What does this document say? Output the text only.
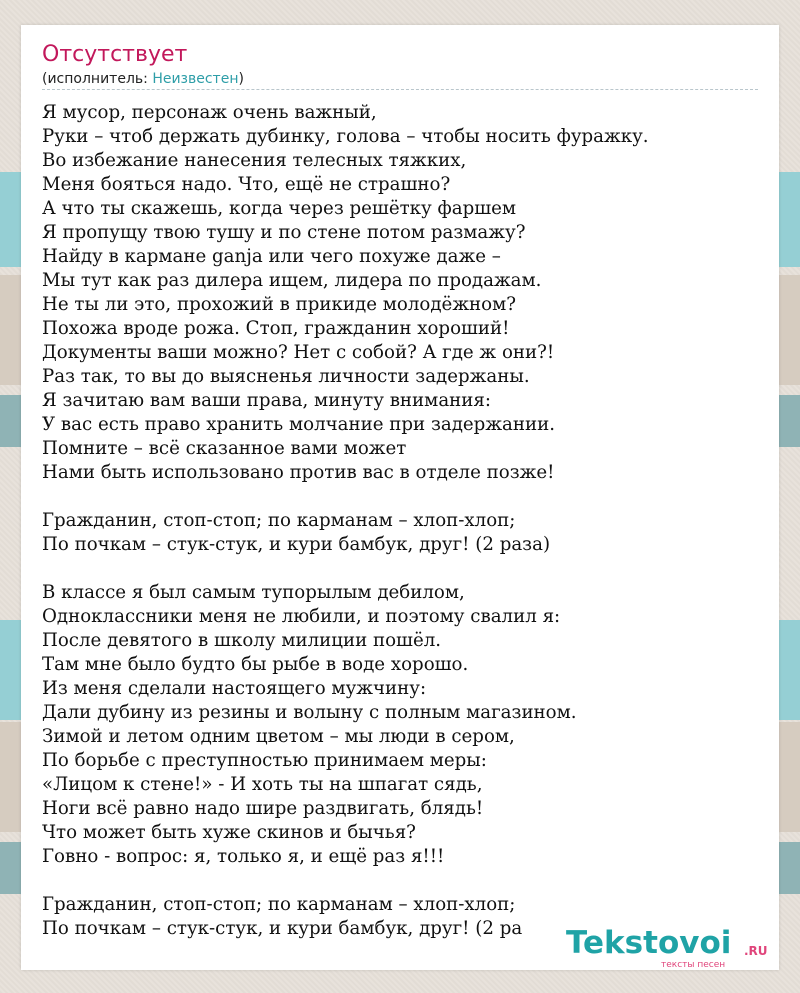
Отсутствует
(исполнитель: Неизвестен)
Я мусор, персонаж очень важный,
Руки – чтоб держать дубинку, голова – чтобы носить фуражку.
Во избежание нанесения телесных тяжких,
Меня бояться надо. Что, ещё не страшно?
А что ты скажешь, когда через решётку фаршем
Я пропущу твою тушу и по стене потом размажу?
Найду в кармане ganja или чего похуже даже –
Мы тут как раз дилера ищем, лидера по продажам.
Не ты ли это, прохожий в прикиде молодёжном?
Похожа вроде рожа. Стоп, гражданин хороший!
Документы ваши можно? Нет с собой? А где ж они?!
Раз так, то вы до выясненья личности задержаны.
Я зачитаю вам ваши права, минуту внимания:
У вас есть право хранить молчание при задержании.
Помните – всё сказанное вами может
Нами быть использовано против вас в отделе позже!
Гражданин, стоп-стоп; по карманам – хлоп-хлоп;
По почкам – стук-стук, и кури бамбук, друг! (2 раза)
В классе я был самым тупорылым дебилом,
Одноклассники меня не любили, и поэтому свалил я:
После девятого в школу милиции пошёл.
Там мне было будто бы рыбе в воде хорошо.
Из меня сделали настоящего мужчину:
Дали дубину из резины и волыну с полным магазином.
Зимой и летом одним цветом – мы люди в сером,
По борьбе с преступностью принимаем меры:
«Лицом к стене!» - И хоть ты на шпагат сядь,
Ноги всё равно надо шире раздвигать, блядь!
Что может быть хуже скинов и бычья?
Говно - вопрос: я, только я, и ещё раз я!!!
Гражданин, стоп-стоп; по карманам – хлоп-хлоп;
По почкам – стук-стук, и кури бамбук, друг! (2 ра	Tekstovoi .RU
тексты песен
